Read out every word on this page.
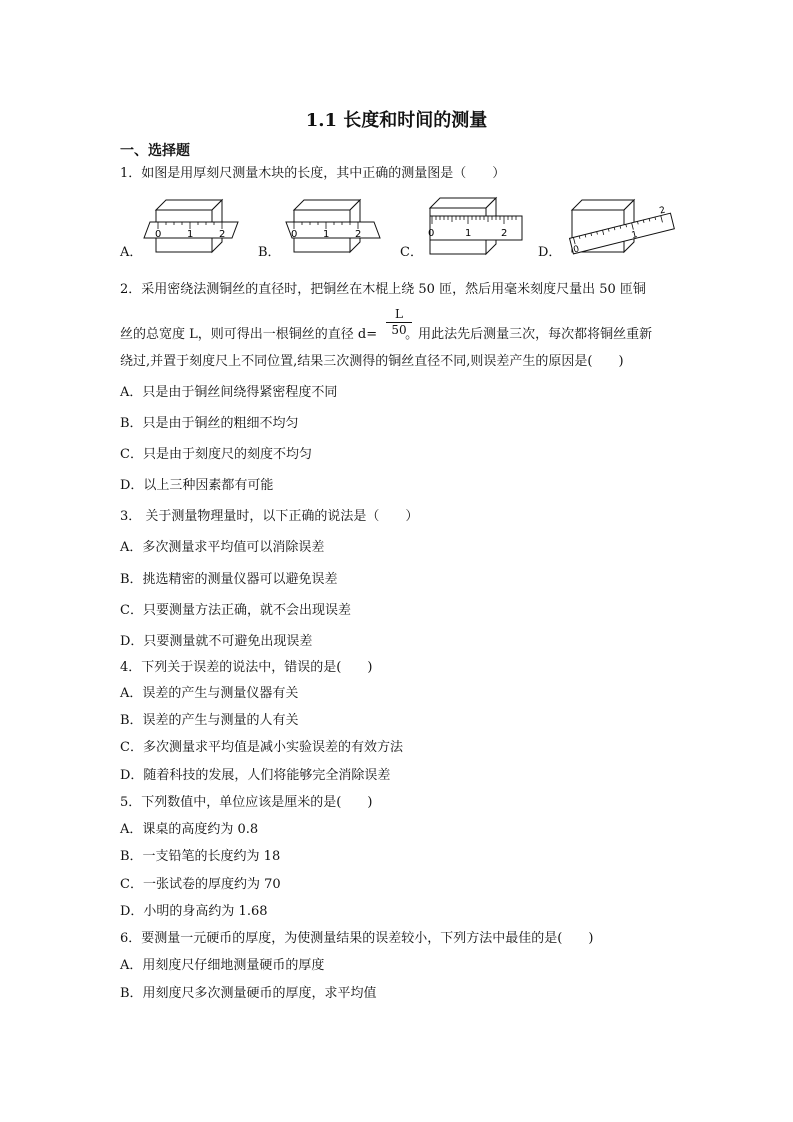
1.1 长度和时间的测量
一、选择题
1．如图是用厚刻尺测量木块的长度，其中正确的测量图是（　　）
A．
0	1	2
B．
0	1	2
C．
0	1	2
D． 0
1
2
2．采用密绕法测铜丝的直径时，把铜丝在木棍上绕 50 匝，然后用毫米刻度尺量出 50 匝铜
丝的总宽度 L，则可得出一根铜丝的直径 d= 。用此法先后测量三次，每次都将铜丝重新
$\frac{L}{50}$
绕过,并置于刻度尺上不同位置,结果三次测得的铜丝直径不同,则误差产生的原因是(　　)
A．只是由于铜丝间绕得紧密程度不同
B．只是由于铜丝的粗细不均匀
C．只是由于刻度尺的刻度不均匀
D．以上三种因素都有可能
3． 关于测量物理量时，以下正确的说法是（　　）
A．多次测量求平均值可以消除误差
B．挑选精密的测量仪器可以避免误差
C．只要测量方法正确，就不会出现误差
D．只要测量就不可避免出现误差
4．下列关于误差的说法中，错误的是(　　)
A．误差的产生与测量仪器有关
B．误差的产生与测量的人有关
C．多次测量求平均值是减小实验误差的有效方法
D．随着科技的发展，人们将能够完全消除误差
5．下列数值中，单位应该是厘米的是(　　)
A．课桌的高度约为 0.8
B．一支铅笔的长度约为 18
C．一张试卷的厚度约为 70
D．小明的身高约为 1.68
6．要测量一元硬币的厚度，为使测量结果的误差较小，下列方法中最佳的是(　　)
A．用刻度尺仔细地测量硬币的厚度
B．用刻度尺多次测量硬币的厚度，求平均值
